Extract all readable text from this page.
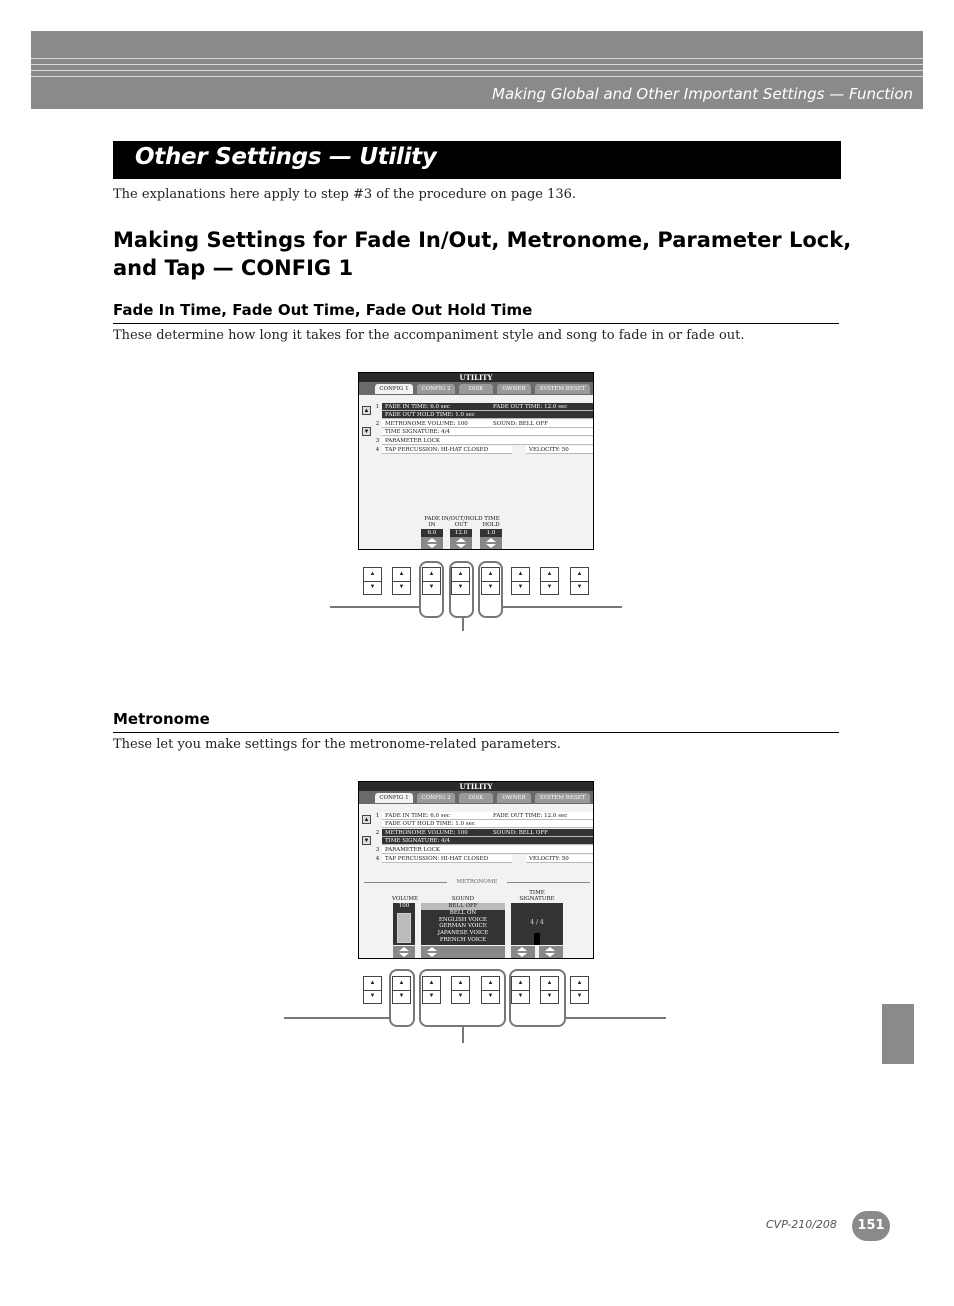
Making Global and Other Important Settings — Function
Other Settings — Utility
The explanations here apply to step #3 of the procedure on page 136.
Making Settings for Fade In/Out, Metronome, Parameter Lock, and Tap — CONFIG 1
Fade In Time, Fade Out Time, Fade Out Hold Time
These determine how long it takes for the accompaniment style and song to fade in or fade out.
UTILITY
CONFIG 1	CONFIG 2	DISK	OWNER	SYSTEM RESET
▲
▼
1	FADE IN TIME: 6.0 sec	FADE OUT TIME: 12.0 sec
FADE OUT HOLD TIME: 1.0 sec
2	METRONOME VOLUME: 100	SOUND: BELL OFF
TIME SIGNATURE: 4/4
3	PARAMETER LOCK
4	TAP PERCUSSION: HI-HAT CLOSED	VELOCITY: 50
FADE IN/OUT/HOLD TIME
IN	OUT	HOLD
6.0	12.0	1.0
▲
▼
▲
▼
▲
▼
▲
▼
▲
▼
▲
▼
▲
▼
▲
▼
Metronome
These let you make settings for the metronome-related parameters.
UTILITY
CONFIG 1	CONFIG 2	DISK	OWNER	SYSTEM RESET
▲
▼
1	FADE IN TIME: 6.0 sec	FADE OUT TIME: 12.0 sec
FADE OUT HOLD TIME: 1.0 sec
2	METRONOME VOLUME: 100	SOUND: BELL OFF
TIME SIGNATURE: 4/4
3	PARAMETER LOCK
4	TAP PERCUSSION: HI-HAT CLOSED	VELOCITY: 50
METRONOME
VOLUME	SOUND
TIME SIGNATURE
100	BELL OFF
BELL ON
ENGLISH VOICE
GERMAN VOICE
JAPANESE VOICE
FRENCH VOICE
4 / 4
▲
▼
▲
▼
▲
▼
▲
▼
▲
▼
▲
▼
▲
▼
▲
▼
CVP-210/208	151
